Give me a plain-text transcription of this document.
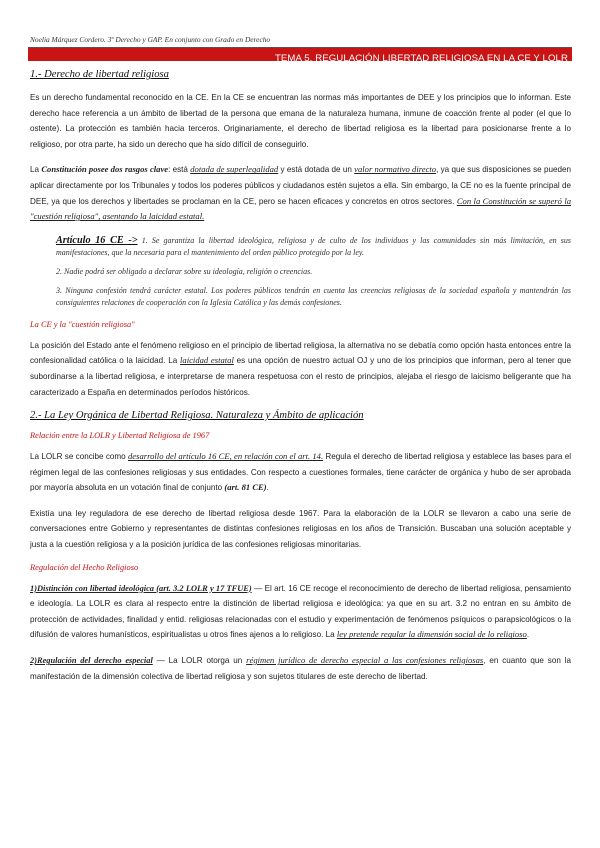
Noelia Márquez Cordero. 3º Derecho y GAP. En conjunto con Grado en Derecho
TEMA 5. REGULACIÓN LIBERTAD RELIGIOSA EN LA CE Y LOLR
1.- Derecho de libertad religiosa

Es un derecho fundamental reconocido en la CE. En la CE se encuentran las normas más importantes de DEE y los principios que lo informan. Este derecho hace referencia a un ámbito de libertad de la persona que emana de la naturaleza humana, inmune de coacción frente al poder (el que lo ostente). La protección es también hacia terceros. Originariamente, el derecho de libertad religiosa es la libertad para posicionarse frente a lo religioso, por otra parte, ha sido un derecho que ha sido difícil de conseguirlo.

La Constitución posee dos rasgos clave: está dotada de superlegalidad y está dotada de un valor normativo directo, ya que sus disposiciones se pueden aplicar directamente por los Tribunales y todos los poderes públicos y ciudadanos estén sujetos a ella. Sin embargo, la CE no es la fuente principal de DEE, ya que los derechos y libertades se proclaman en la CE, pero se hacen eficaces y concretos en otros sectores. Con la Constitución se superó la "cuestión religiosa", asentando la laicidad estatal.

Artículo 16 CE -> 1. Se garantiza la libertad ideológica, religiosa y de culto de los individuos y las comunidades sin más limitación, en sus manifestaciones, que la necesaria para el mantenimiento del orden público protegido por la ley.

2. Nadie podrá ser obligado a declarar sobre su ideología, religión o creencias.

3. Ninguna confesión tendrá carácter estatal. Los poderes públicos tendrán en cuenta las creencias religiosas de la sociedad española y mantendrán las consiguientes relaciones de cooperación con la Iglesia Católica y las demás confesiones.

La CE y la "cuestión religiosa"

La posición del Estado ante el fenómeno religioso en el principio de libertad religiosa, la alternativa no se debatía como opción hasta entonces entre la confesionalidad católica o la laicidad. La laicidad estatal es una opción de nuestro actual OJ y uno de los principios que informan, pero al tener que subordinarse a la libertad religiosa, e interpretarse de manera respetuosa con el resto de principios, alejaba el riesgo de laicismo beligerante que ha caracterizado a España en determinados períodos históricos.

2.- La Ley Orgánica de Libertad Religiosa. Naturaleza y Ámbito de aplicación
Relación entre la LOLR y Libertad Religiosa de 1967

La LOLR se concibe como desarrollo del artículo 16 CE, en relación con el art. 14. Regula el derecho de libertad religiosa y establece las bases para el régimen legal de las confesiones religiosas y sus entidades. Con respecto a cuestiones formales, tiene carácter de orgánica y hubo de ser aprobada por mayoría absoluta en un votación final de conjunto (art. 81 CE).

Existía una ley reguladora de ese derecho de libertad religiosa desde 1967. Para la elaboración de la LOLR se llevaron a cabo una serie de conversaciones entre Gobierno y representantes de distintas confesiones religiosas en los años de Transición. Buscaban una solución aceptable y justa a la cuestión religiosa y a la posición jurídica de las confesiones religiosas minoritarias.

Regulación del Hecho Religioso

1)Distinción con libertad ideológica (art. 3.2 LOLR y 17 TFUE) — El art. 16 CE recoge el reconocimiento de derecho de libertad religiosa, pensamiento e ideología. La LOLR es clara al respecto entre la distinción de libertad religiosa e ideológica: ya que en su art. 3.2 no entran en su ámbito de protección de actividades, finalidad y entid. religiosas relacionadas con el estudio y experimentación de fenómenos psíquicos o parapsicológicos o la difusión de valores humanísticos, espiritualistas u otros fines ajenos a lo religioso. La ley pretende regular la dimensión social de lo religioso.

2)Regulación del derecho especial — La LOLR otorga un régimen jurídico de derecho especial a las confesiones religiosas, en cuanto que son la manifestación de la dimensión colectiva de libertad religiosa y son sujetos titulares de este derecho de libertad.
